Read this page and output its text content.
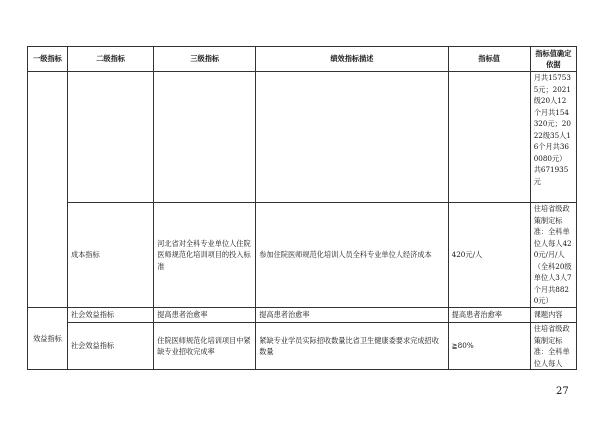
一级指标	二级指标	三级指标	绩效指标描述	指标值	指标值确定依据
					月共157535元；2021级20人12个月共154320元；2022级35人16个月共360080元）共671935元
	成本指标	河北省对全科专业单位人住院医师规范化培训项目的投入标准	参加住院医师规范化培训人员全科专业单位人经济成本	420元/人	住培省级政策制定标准：全科单位人每人420元/月/人（全科20级单位人3人7个月共8820元）
效益指标	社会效益指标	提高患者治愈率	提高患者治愈率	提高患者治愈率	课题内容
	社会效益指标	住院医师规范化培训项目中紧缺专业招收完成率	紧缺专业学员实际招收数量比省卫生健康委要求完成招收数量	≧80%	住培省级政策制定标准：全科单位人每人
27
